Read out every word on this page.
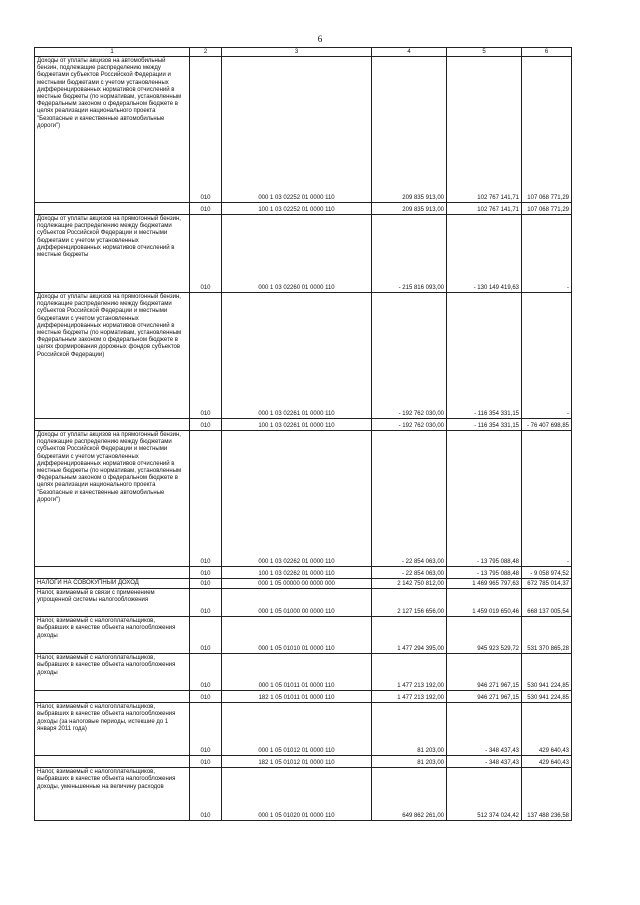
6
1	2	3	4	5	6
Доходы от уплаты акцизов на автомобильный бензин, подлежащие распределению между бюджетами субъектов Российской Федерации и местными бюджетами с учетом установленных дифференцированных нормативов отчислений в местные бюджеты (по нормативам, установленным Федеральным законом о федеральном бюджете в целях реализации национального проекта "Безопасные и качественные автомобильные дороги")	010	000 1 03 02252 01 0000 110	209 835 913,00	102 767 141,71	107 068 771,29
	010	100 1 03 02252 01 0000 110	209 835 913,00	102 767 141,71	107 068 771,29
Доходы от уплаты акцизов на прямогонный бензин, подлежащие распределению между бюджетами субъектов Российской Федерации и местными бюджетами с учетом установленных дифференцированных нормативов отчислений в местные бюджеты	010	000 1 03 02260 01 0000 110	- 215 816 093,00	- 130 149 419,63	-
Доходы от уплаты акцизов на прямогонный бензин, подлежащие распределению между бюджетами субъектов Российской Федерации и местными бюджетами с учетом установленных дифференцированных нормативов отчислений в местные бюджеты (по нормативам, установленным Федеральным законом о федеральном бюджете в целях формирования дорожных фондов субъектов Российской Федерации)	010	000 1 03 02261 01 0000 110	- 192 762 030,00	- 116 354 331,15	-
	010	100 1 03 02261 01 0000 110	- 192 762 030,00	- 116 354 331,15	- 76 407 698,85
Доходы от уплаты акцизов на прямогонный бензин, подлежащие распределению между бюджетами субъектов Российской Федерации и местными бюджетами с учетом установленных дифференцированных нормативов отчислений в местные бюджеты (по нормативам, установленным Федеральным законом о федеральном бюджете в целях реализации национального проекта "Безопасные и качественные автомобильные дороги")	010	000 1 03 02262 01 0000 110	- 22 854 063,00	- 13 795 088,48	-
	010	100 1 03 02262 01 0000 110	- 22 854 063,00	- 13 795 088,48	- 9 058 974,52
НАЛОГИ НА СОВОКУПНЫЙ ДОХОД	010	000 1 05 00000 00 0000 000	2 142 750 812,00	1 469 965 797,63	672 785 014,37
Налог, взимаемый в связи с применением упрощенной системы налогообложения	010	000 1 05 01000 00 0000 110	2 127 156 656,00	1 459 019 650,46	668 137 005,54
Налог, взимаемый с налогоплательщиков, выбравших в качестве объекта налогообложения доходы	010	000 1 05 01010 01 0000 110	1 477 294 395,00	945 923 529,72	531 370 865,28
Налог, взимаемый с налогоплательщиков, выбравших в качестве объекта налогообложения доходы	010	000 1 05 01011 01 0000 110	1 477 213 192,00	946 271 967,15	530 941 224,85
	010	182 1 05 01011 01 0000 110	1 477 213 192,00	946 271 967,15	530 941 224,85
Налог, взимаемый с налогоплательщиков, выбравших в качестве объекта налогообложения доходы (за налоговые периоды, истекшие до 1 января 2011 года)	010	000 1 05 01012 01 0000 110	81 203,00	- 348 437,43	429 640,43
	010	182 1 05 01012 01 0000 110	81 203,00	- 348 437,43	429 640,43
Налог, взимаемый с налогоплательщиков, выбравших в качестве объекта налогообложения доходы, уменьшенные на величину расходов	010	000 1 05 01020 01 0000 110	649 862 261,00	512 374 024,42	137 488 236,58
